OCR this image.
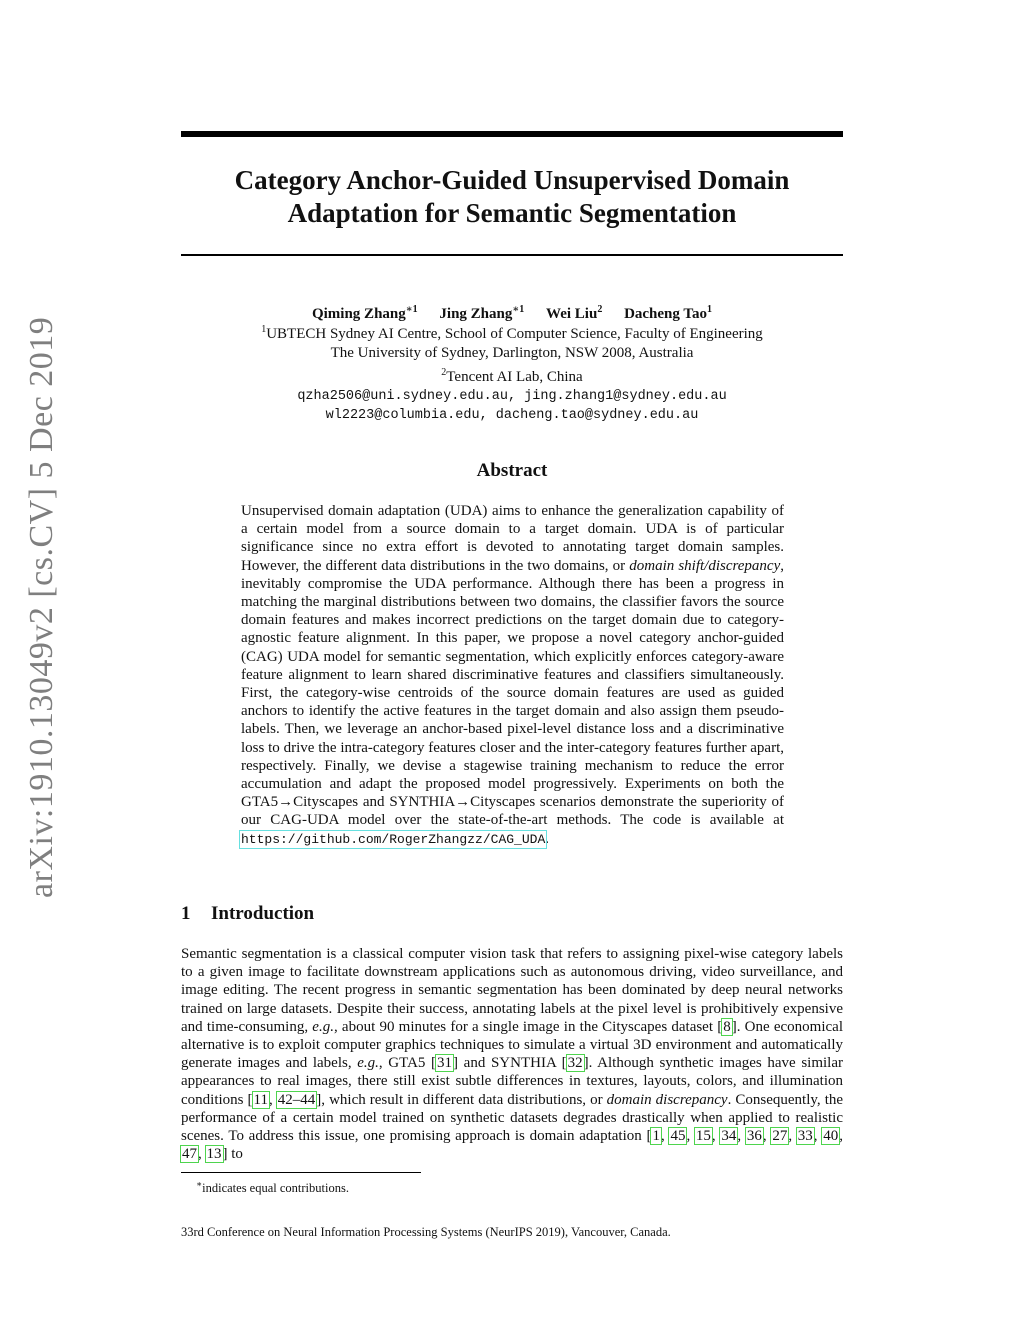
arXiv:1910.13049v2 [cs.CV] 5 Dec 2019
Category Anchor-Guided Unsupervised Domain
Adaptation for Semantic Segmentation
Qiming Zhang$^{∗1}$ Jing Zhang$^{∗1}$ Wei Liu$^2$ Dacheng Tao$^1$
$^1$UBTECH Sydney AI Centre, School of Computer Science, Faculty of Engineering
The University of Sydney, Darlington, NSW 2008, Australia
$^2$Tencent AI Lab, China
qzha2506@uni.sydney.edu.au, jing.zhang1@sydney.edu.au
wl2223@columbia.edu, dacheng.tao@sydney.edu.au
Abstract
Unsupervised domain adaptation (UDA) aims to enhance the generalization capability of a certain model from a source domain to a target domain. UDA is of particular significance since no extra effort is devoted to annotating target domain samples. However, the different data distributions in the two domains, or domain shift/discrepancy, inevitably compromise the UDA performance. Although there has been a progress in matching the marginal distributions between two domains, the classifier favors the source domain features and makes incorrect predictions on the target domain due to category-agnostic feature alignment. In this paper, we propose a novel category anchor-guided (CAG) UDA model for semantic segmentation, which explicitly enforces category-aware feature alignment to learn shared discriminative features and classifiers simultaneously. First, the category-wise centroids of the source domain features are used as guided anchors to identify the active features in the target domain and also assign them pseudo-labels. Then, we leverage an anchor-based pixel-level distance loss and a discriminative loss to drive the intra-category features closer and the inter-category features further apart, respectively. Finally, we devise a stagewise training mechanism to reduce the error accumulation and adapt the proposed model progressively. Experiments on both the GTA5→Cityscapes and SYNTHIA→Cityscapes scenarios demonstrate the superiority of our CAG-UDA model over the state-of-the-art methods. The code is available at https://github.com/RogerZhangzz/CAG_UDA.
1 Introduction
Semantic segmentation is a classical computer vision task that refers to assigning pixel-wise category labels to a given image to facilitate downstream applications such as autonomous driving, video surveillance, and image editing. The recent progress in semantic segmentation has been dominated by deep neural networks trained on large datasets. Despite their success, annotating labels at the pixel level is prohibitively expensive and time-consuming, e.g., about 90 minutes for a single image in the Cityscapes dataset [8]. One economical alternative is to exploit computer graphics techniques to simulate a virtual 3D environment and automatically generate images and labels, e.g., GTA5 [31] and SYNTHIA [32]. Although synthetic images have similar appearances to real images, there still exist subtle differences in textures, layouts, colors, and illumination conditions [11, 42–44], which result in different data distributions, or domain discrepancy. Consequently, the performance of a certain model trained on synthetic datasets degrades drastically when applied to realistic scenes. To address this issue, one promising approach is domain adaptation [1, 45, 15, 34, 36, 27, 33, 40, 47, 13] to
∗indicates equal contributions.
33rd Conference on Neural Information Processing Systems (NeurIPS 2019), Vancouver, Canada.
